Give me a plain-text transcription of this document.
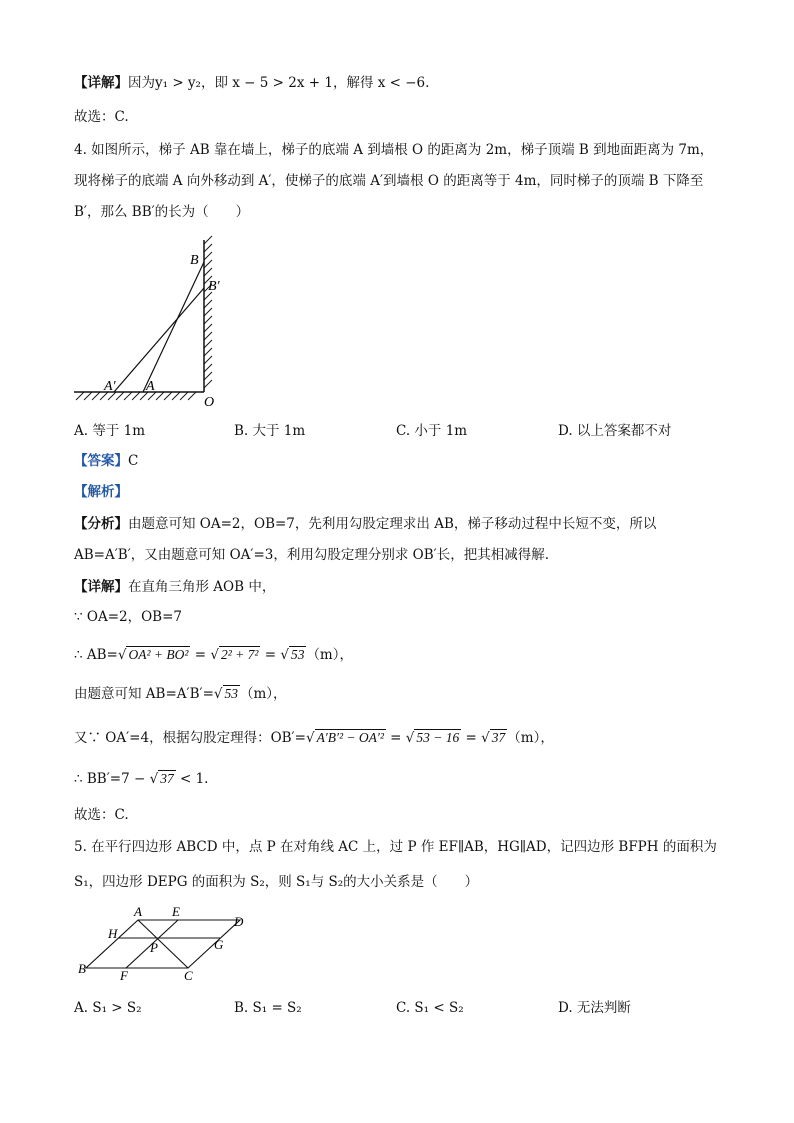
【详解】因为y₁ > y₂，即 x − 5 > 2x + 1，解得 x < −6.
故选：C.
4. 如图所示，梯子 AB 靠在墙上，梯子的底端 A 到墙根 O 的距离为 2m，梯子顶端 B 到地面距离为 7m，
现将梯子的底端 A 向外移动到 A′，使梯子的底端 A′到墙根 O 的距离等于 4m，同时梯子的顶端 B 下降至
B′，那么 BB′的长为（　　）
B
B′
A′ A
O
A. 等于 1m	B. 大于 1m	C. 小于 1m	D. 以上答案都不对
【答案】C
【解析】
【分析】由题意可知 OA=2，OB=7，先利用勾股定理求出 AB，梯子移动过程中长短不变，所以
AB=A′B′，又由题意可知 OA′=3，利用勾股定理分别求 OB′长，把其相减得解.
【详解】在直角三角形 AOB 中，
∵ OA=2，OB=7
∴ AB=√ OA² + BO² = √ 2² + 7² = √ 53 （m），
由题意可知 AB=A′B′=√ 53 （m），
又∵ OA′=4，根据勾股定理得：OB′=√ A′B′² − OA′² = √ 53 − 16 = √ 37 （m），
∴ BB′=7 − √ 37 < 1.
故选：C.
5. 在平行四边形 ABCD 中，点 P 在对角线 AC 上，过 P 作 EF∥AB，HG∥AD，记四边形 BFPH 的面积为
S₁，四边形 DEPG 的面积为 S₂，则 S₁与 S₂的大小关系是（　　）
A E
D
H
G
P
B	F	C
A. S₁ > S₂	B. S₁ = S₂	C. S₁ < S₂	D. 无法判断
